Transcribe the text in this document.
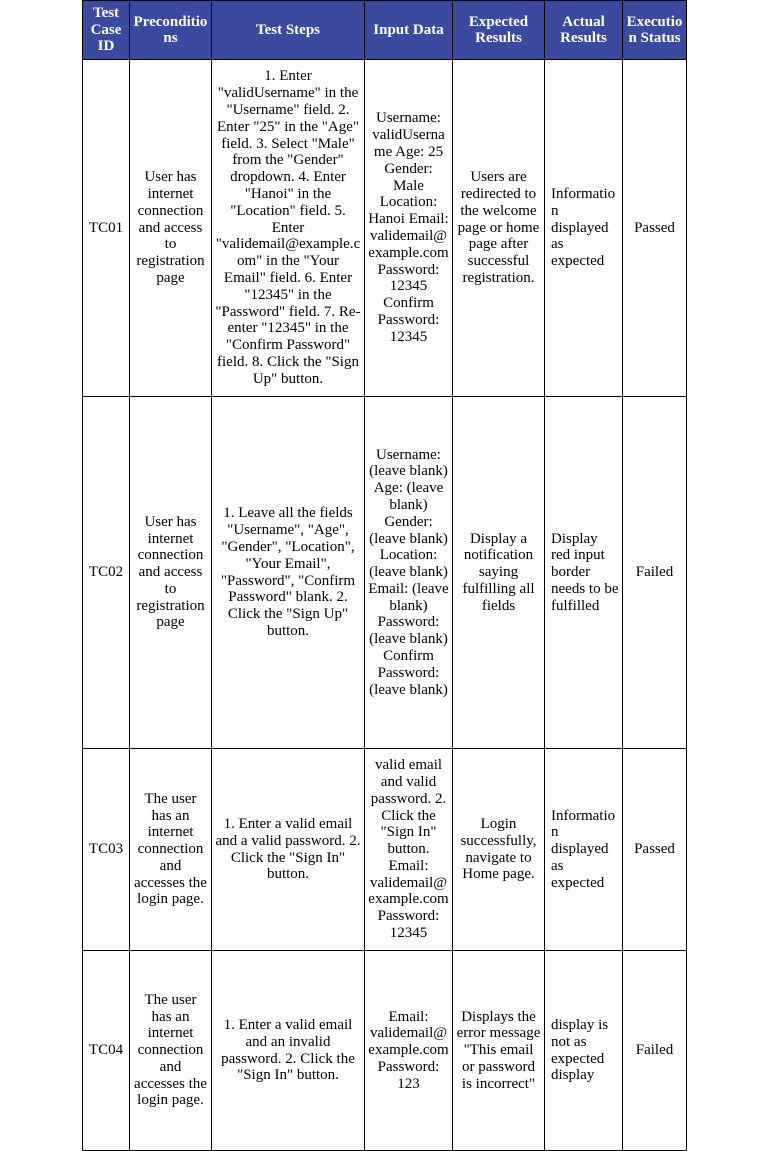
Test Case ID	Preconditions	Test Steps	Input Data	Expected Results	Actual Results	Execution Status
TC01	User has internet connection and access to registration page	1. Enter "validUsername" in the "Username" field. 2. Enter "25" in the "Age" field. 3. Select "Male" from the "Gender" dropdown. 4. Enter "Hanoi" in the "Location" field. 5. Enter "validemail@example.com" in the "Your Email" field. 6. Enter "12345" in the "Password" field. 7. Re-enter "12345" in the "Confirm Password" field. 8. Click the "Sign Up" button.	Username: validUsername Age: 25 Gender: Male Location: Hanoi Email: validemail@example.com Password: 12345 Confirm Password: 12345	Users are redirected to the welcome page or home page after successful registration.	Information displayed as expected	Passed
TC02	User has internet connection and access to registration page	1. Leave all the fields "Username", "Age", "Gender", "Location", "Your Email", "Password", "Confirm Password" blank. 2. Click the "Sign Up" button.	Username: (leave blank) Age: (leave blank) Gender: (leave blank) Location: (leave blank) Email: (leave blank) Password: (leave blank) Confirm Password: (leave blank)	Display a notification saying fulfilling all fields	Display red input border needs to be fulfilled	Failed
TC03	The user has an internet connection and accesses the login page.	1. Enter a valid email and a valid password. 2. Click the "Sign In" button.	valid email and valid password. 2. Click the "Sign In" button. Email: validemail@example.com Password: 12345	Login successfully, navigate to Home page.	Information displayed as expected	Passed
TC04	The user has an internet connection and accesses the login page.	1. Enter a valid email and an invalid password. 2. Click the "Sign In" button.	Email: validemail@example.com Password: 123	Displays the error message "This email or password is incorrect"	display is not as expected display	Failed
